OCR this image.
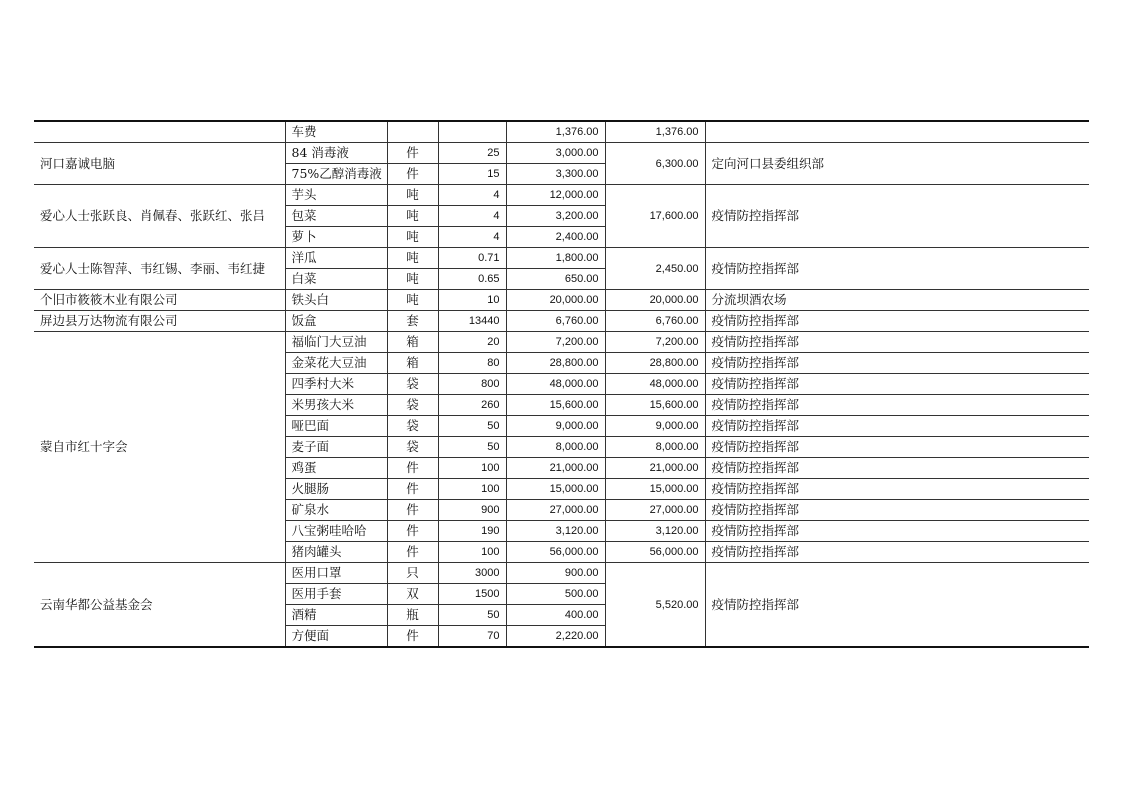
	车费			1,376.00	1,376.00	
河口嘉诚电脑	84 消毒液	件	25	3,000.00	6,300.00	定向河口县委组织部
	75%乙醇消毒液	件	15	3,300.00		
爱心人士张跃良、肖佩春、张跃红、张吕	芋头	吨	4	12,000.00	17,600.00	疫情防控指挥部
	包菜	吨	4	3,200.00		
	萝卜	吨	4	2,400.00		
爱心人士陈智萍、韦红锡、李丽、韦红捷	洋瓜	吨	0.71	1,800.00	2,450.00	疫情防控指挥部
	白菜	吨	0.65	650.00		
个旧市筱筱木业有限公司	铁头白	吨	10	20,000.00	20,000.00	分流坝酒农场
屏边县万达物流有限公司	饭盒	套	13440	6,760.00	6,760.00	疫情防控指挥部
蒙自市红十字会	福临门大豆油	箱	20	7,200.00	7,200.00	疫情防控指挥部
	金菜花大豆油	箱	80	28,800.00	28,800.00	疫情防控指挥部
	四季村大米	袋	800	48,000.00	48,000.00	疫情防控指挥部
	米男孩大米	袋	260	15,600.00	15,600.00	疫情防控指挥部
	哑巴面	袋	50	9,000.00	9,000.00	疫情防控指挥部
	麦子面	袋	50	8,000.00	8,000.00	疫情防控指挥部
	鸡蛋	件	100	21,000.00	21,000.00	疫情防控指挥部
	火腿肠	件	100	15,000.00	15,000.00	疫情防控指挥部
	矿泉水	件	900	27,000.00	27,000.00	疫情防控指挥部
	八宝粥哇哈哈	件	190	3,120.00	3,120.00	疫情防控指挥部
	猪肉罐头	件	100	56,000.00	56,000.00	疫情防控指挥部
云南华都公益基金会	医用口罩	只	3000	900.00	5,520.00	疫情防控指挥部
	医用手套	双	1500	500.00		
	酒精	瓶	50	400.00		
	方便面	件	70	2,220.00		
